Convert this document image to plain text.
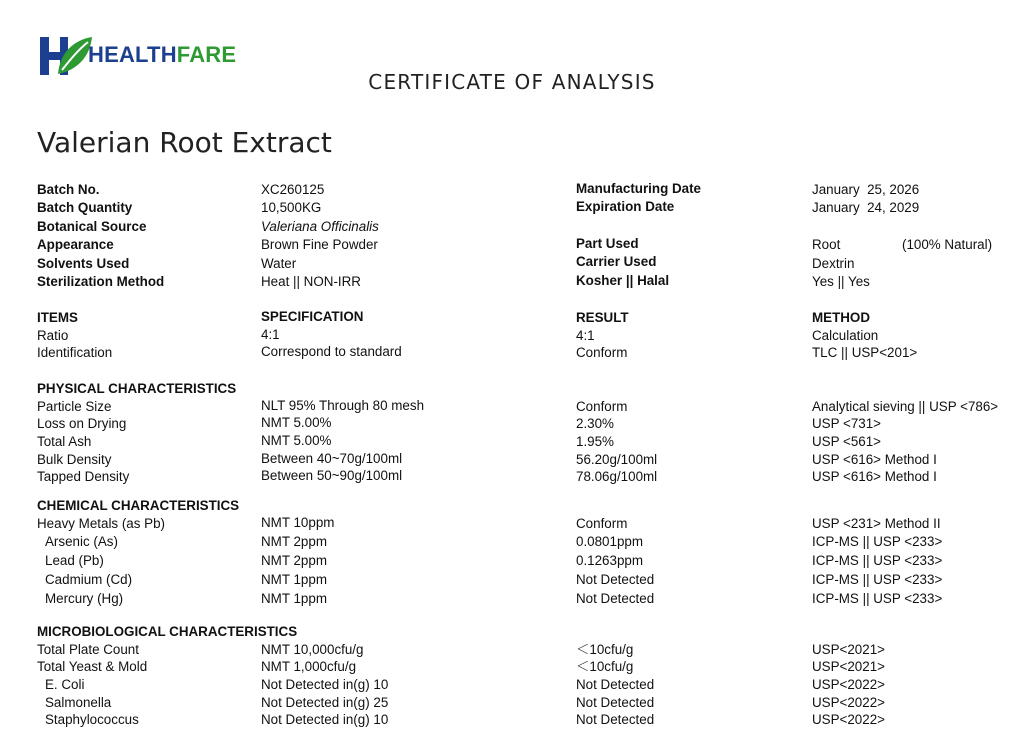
HEALTHFARE
CERTIFICATE OF ANALYSIS
Valerian Root Extract
Batch No.	XC260125
Batch Quantity	10,500KG
Botanical Source	Valeriana Officinalis
Appearance	Brown Fine Powder
Solvents Used	Water
Sterilization Method	Heat || NON-IRR
Manufacturing Date	January  25, 2026
Expiration Date	January  24, 2029
Part Used	Root	(100% Natural)
Carrier Used	Dextrin
Kosher || Halal	Yes || Yes
ITEMS	SPECIFICATION	RESULT	METHOD
Ratio	4:1	4:1	Calculation
Identification	Correspond to standard	Conform	TLC || USP<201>
PHYSICAL CHARACTERISTICS
Particle Size	NLT 95% Through 80 mesh	Conform	Analytical sieving || USP <786>
Loss on Drying	NMT 5.00%	2.30%	USP <731>
Total Ash	NMT 5.00%	1.95%	USP <561>
Bulk Density	Between 40~70g/100ml	56.20g/100ml	USP <616> Method I
Tapped Density	Between 50~90g/100ml	78.06g/100ml	USP <616> Method I
CHEMICAL CHARACTERISTICS
Heavy Metals (as Pb)	NMT 10ppm	Conform	USP <231> Method II
Arsenic (As)	NMT 2ppm	0.0801ppm	ICP-MS || USP <233>
Lead (Pb)	NMT 2ppm	0.1263ppm	ICP-MS || USP <233>
Cadmium (Cd)	NMT 1ppm	Not Detected	ICP-MS || USP <233>
Mercury (Hg)	NMT 1ppm	Not Detected	ICP-MS || USP <233>
MICROBIOLOGICAL CHARACTERISTICS
Total Plate Count	NMT 10,000cfu/g	＜10cfu/g	USP<2021>
Total Yeast & Mold	NMT 1,000cfu/g	＜10cfu/g	USP<2021>
E. Coli	Not Detected in(g) 10	Not Detected	USP<2022>
Salmonella	Not Detected in(g) 25	Not Detected	USP<2022>
Staphylococcus	Not Detected in(g) 10	Not Detected	USP<2022>
